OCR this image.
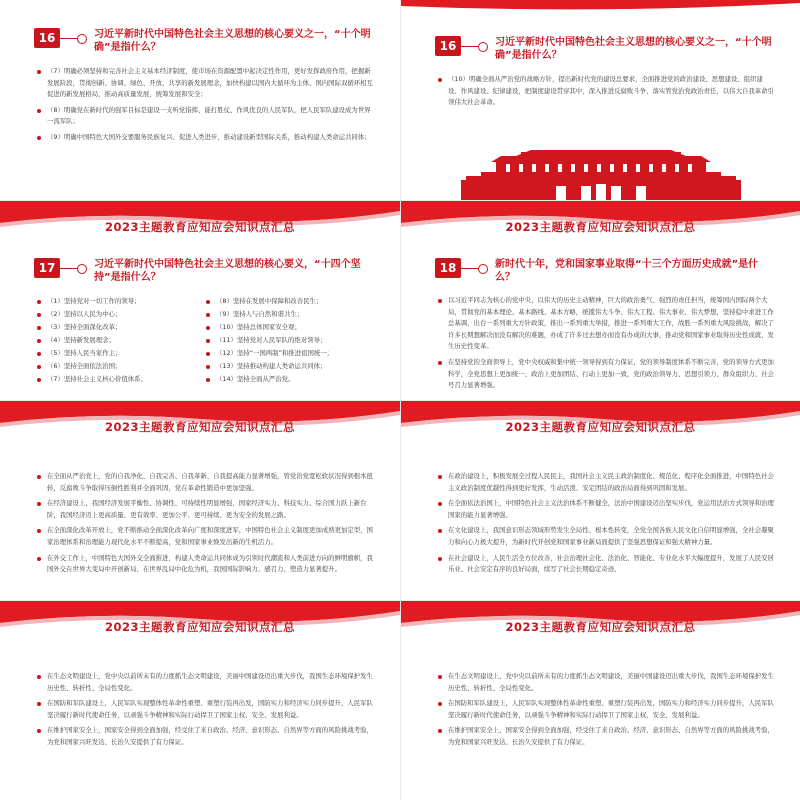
16	习近平新时代中国特色社会主义思想的核心要义之一，“十个明确”是指什么？
（7）明确必须坚持和完善社会主义基本经济制度，使市场在资源配置中起决定性作用，更好发挥政府作用，把握新发展阶段，贯彻创新、协调、绿色、开放、共享的新发展理念，加快构建以国内大循环为主体、国内国际双循环相互促进的新发展格局，推动高质量发展，统筹发展和安全；
（8）明确党在新时代的强军目标是建设一支听党指挥、能打胜仗、作风优良的人民军队，把人民军队建设成为世界一流军队；
（9）明确中国特色大国外交要服务民族复兴、促进人类进步，推动建设新型国际关系，推动构建人类命运共同体；
16	习近平新时代中国特色社会主义思想的核心要义之一，“十个明确”是指什么？
（10）明确全面从严治党的战略方针，提出新时代党的建设总要求，全面推进党的政治建设、思想建设、组织建设、作风建设、纪律建设，把制度建设贯穿其中，深入推进反腐败斗争，落实管党治党政治责任，以伟大自我革命引领伟大社会革命。
2023主题教育应知应会知识点汇总
17	习近平新时代中国特色社会主义思想的核心要义，“十四个坚持”是指什么？
（1）坚持党对一切工作的领导；
（2）坚持以人民为中心；
（3）坚持全面深化改革；
（4）坚持新发展理念；
（5）坚持人民当家作主；
（6）坚持全面依法治国；
（7）坚持社会主义核心价值体系；
（8）坚持在发展中保障和改善民生；
（9）坚持人与自然和谐共生；
（10）坚持总体国家安全观；
（11）坚持党对人民军队的绝对领导；
（12）坚持“一国两制”和推进祖国统一；
（13）坚持推动构建人类命运共同体；
（14）坚持全面从严治党。
2023主题教育应知应会知识点汇总
18	新时代十年，党和国家事业取得“十三个方面历史成就”是什么？
以习近平同志为核心的党中央，以伟大的历史主动精神，巨大的政治勇气、强烈的责任担当，统筹国内国际两个大局，贯彻党的基本理论、基本路线、基本方略，统揽伟大斗争、伟大工程、伟大事业、伟大梦想，坚持稳中求进工作总基调，出台一系列重大方针政策，推出一系列重大举措，推进一系列重大工作，战胜一系列重大风险挑战，解决了许多长期想解决而没有解决的难题，办成了许多过去想办而没有办成的大事，推动党和国家事业取得历史性成就、发生历史性变革。
在坚持党的全面领导上，党中央权威和集中统一领导得到有力保证，党的领导制度体系不断完善，党的领导方式更加科学，全党思想上更加统一、政治上更加团结、行动上更加一致，党的政治领导力、思想引领力、群众组织力、社会号召力显著增强。
2023主题教育应知应会知识点汇总
在全面从严治党上，党的自我净化、自我完善、自我革新、自我提高能力显著增强，管党治党宽松软状况得到根本扭转，反腐败斗争取得压倒性胜利并全面巩固，党在革命性锻造中更加坚强。
在经济建设上，我国经济发展平衡性、协调性、可持续性明显增强，国家经济实力、科技实力、综合国力跃上新台阶，我国经济迈上更高质量、更有效率、更加公平、更可持续、更为安全的发展之路。
在全面深化改革开放上，党不断推动全面深化改革向广度和深度进军，中国特色社会主义制度更加成熟更加定型，国家治理体系和治理能力现代化水平不断提高，党和国家事业焕发出新的生机活力。
在外交工作上，中国特色大国外交全面推进，构建人类命运共同体成为引领时代潮流和人类前进方向的鲜明旗帜，我国外交在世界大变局中开创新局、在世界乱局中化危为机，我国国际影响力、感召力、塑造力显著提升。
2023主题教育应知应会知识点汇总
在政治建设上，积极发展全过程人民民主，我国社会主义民主政治制度化、规范化、程序化全面推进，中国特色社会主义政治制度优越性得到更好发挥，生动活泼、安定团结的政治局面得到巩固和发展。
在全面依法治国上，中国特色社会主义法治体系不断健全，法治中国建设迈出坚实步伐，党运用法治方式领导和治理国家的能力显著增强。
在文化建设上，我国意识形态领域形势发生全局性、根本性转变，全党全国各族人民文化自信明显增强，全社会凝聚力和向心力极大提升，为新时代开创党和国家事业新局面提供了坚强思想保证和强大精神力量。
在社会建设上，人民生活全方位改善，社会治理社会化、法治化、智能化、专业化水平大幅度提升，发展了人民安居乐业、社会安定有序的良好局面，续写了社会长期稳定奇迹。
2023主题教育应知应会知识点汇总
在生态文明建设上，党中央以前所未有的力度抓生态文明建设，美丽中国建设迈出重大步伐，我国生态环境保护发生历史性、转折性、全局性变化。
在国防和军队建设上，人民军队实现整体性革命性重塑、重塑行装再出发，国防实力和经济实力同步提升，人民军队坚决履行新时代使命任务，以顽强斗争精神和实际行动捍卫了国家主权、安全、发展利益。
在维护国家安全上，国家安全得到全面加强，经受住了来自政治、经济、意识形态、自然界等方面的风险挑战考验，为党和国家兴旺发达、长治久安提供了有力保证。
2023主题教育应知应会知识点汇总
在生态文明建设上，党中央以前所未有的力度抓生态文明建设，美丽中国建设迈出重大步伐，我国生态环境保护发生历史性、转折性、全局性变化。
在国防和军队建设上，人民军队实现整体性革命性重塑、重塑行装再出发，国防实力和经济实力同步提升，人民军队坚决履行新时代使命任务，以顽强斗争精神和实际行动捍卫了国家主权、安全、发展利益。
在维护国家安全上，国家安全得到全面加强，经受住了来自政治、经济、意识形态、自然界等方面的风险挑战考验，为党和国家兴旺发达、长治久安提供了有力保证。
